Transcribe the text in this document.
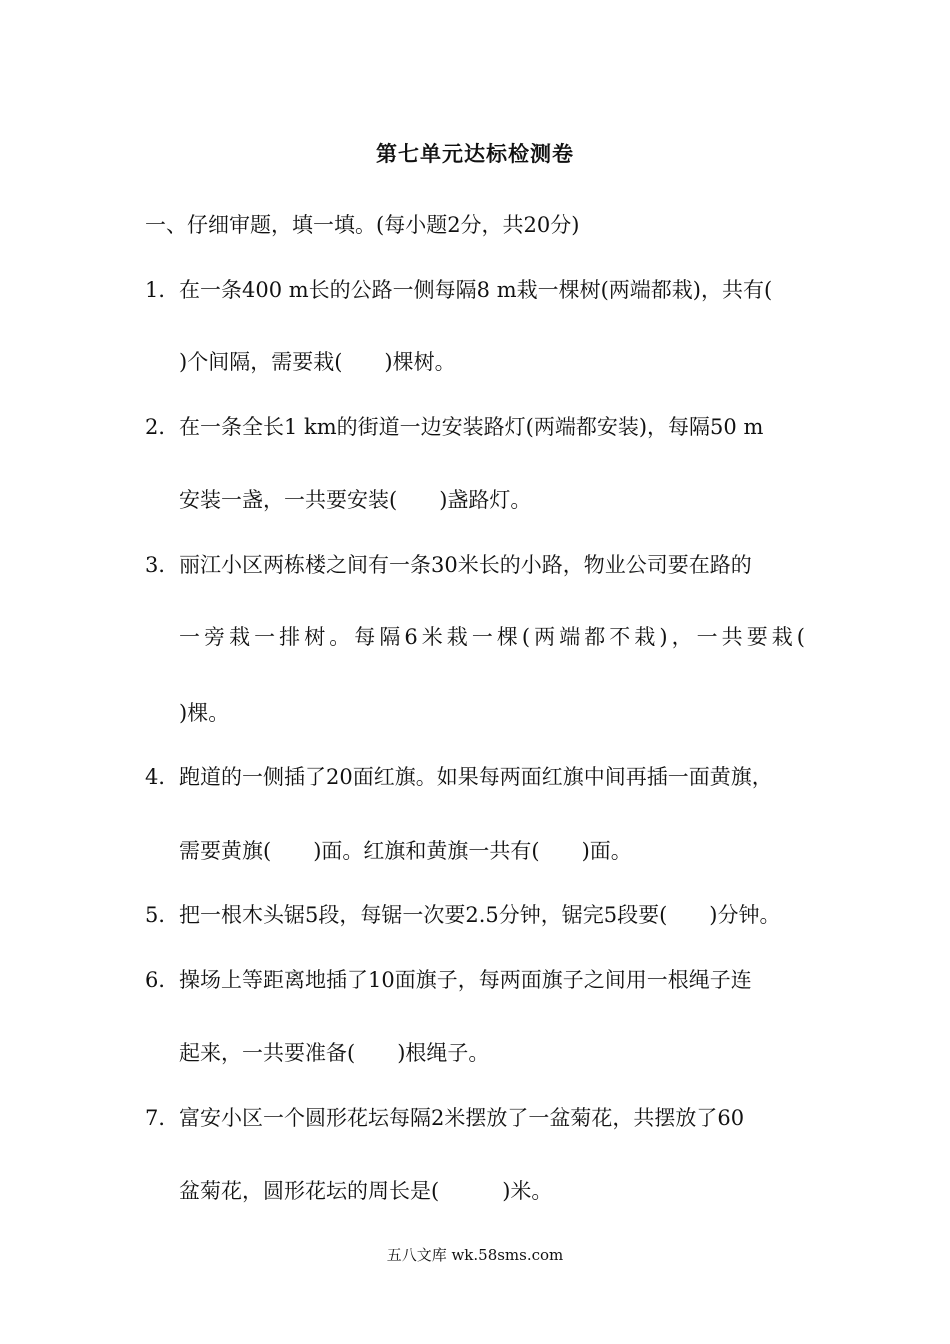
第七单元达标检测卷
一、仔细审题，填一填。(每小题2分，共20分)
1． 在一条400 m长的公路一侧每隔8 m栽一棵树(两端都栽)，共有(
)个间隔，需要栽(　　)棵树。
2． 在一条全长1 km的街道一边安装路灯(两端都安装)，每隔50 m
安装一盏，一共要安装(　　)盏路灯。
3． 丽江小区两栋楼之间有一条30米长的小路，物业公司要在路的
一旁栽一排树。每隔6米栽一棵(两端都不栽)，一共要栽(
)棵。
4． 跑道的一侧插了20面红旗。如果每两面红旗中间再插一面黄旗，
需要黄旗(　　)面。红旗和黄旗一共有(　　)面。
5． 把一根木头锯5段，每锯一次要2.5分钟，锯完5段要(　　)分钟。
6． 操场上等距离地插了10面旗子，每两面旗子之间用一根绳子连
起来，一共要准备(　　)根绳子。
7． 富安小区一个圆形花坛每隔2米摆放了一盆菊花，共摆放了60
盆菊花，圆形花坛的周长是(　　　)米。
五八文库 wk.58sms.com
